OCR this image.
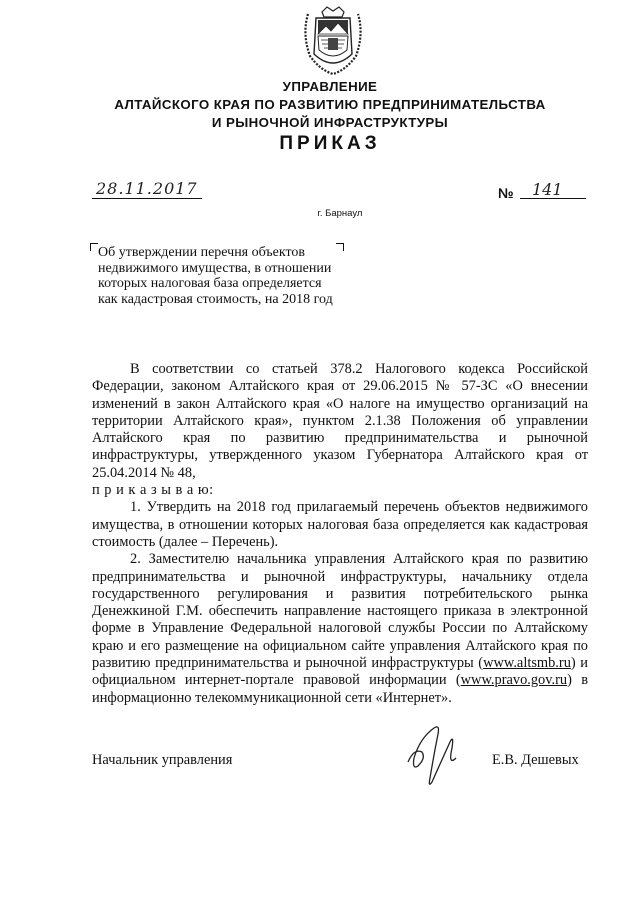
УПРАВЛЕНИЕ
АЛТАЙСКОГО КРАЯ ПО РАЗВИТИЮ ПРЕДПРИНИМАТЕЛЬСТВА
И РЫНОЧНОЙ ИНФРАСТРУКТУРЫ
ПРИКАЗ
28.11.2017	№ 141
г. Барнаул
Об утверждении перечня объектов недвижимого имущества, в отношении которых налоговая база определяется как кадастровая стоимость, на 2018 год

В соответствии со статьей 378.2 Налогового кодекса Российской Федерации, законом Алтайского края от 29.06.2015 № 57-ЗС «О внесении изменений в закон Алтайского края «О налоге на имущество организаций на территории Алтайского края», пунктом 2.1.38 Положения об управлении Алтайского края по развитию предпринимательства и рыночной инфраструктуры, утвержденного указом Губернатора Алтайского края от 25.04.2014 № 48,

п р и к а з ы в а ю:

1. Утвердить на 2018 год прилагаемый перечень объектов недвижимого имущества, в отношении которых налоговая база определяется как кадастровая стоимость (далее – Перечень).

2. Заместителю начальника управления Алтайского края по развитию предпринимательства и рыночной инфраструктуры, начальнику отдела государственного регулирования и развития потребительского рынка Денежкиной Г.М. обеспечить направление настоящего приказа в электронной форме в Управление Федеральной налоговой службы России по Алтайскому краю и его размещение на официальном сайте управления Алтайского края по развитию предпринимательства и рыночной инфраструктуры (www.altsmb.ru) и официальном интернет-портале правовой информации (www.pravo.gov.ru) в информационно телекоммуникационной сети «Интернет».

Начальник управления	Е.В. Дешевых
